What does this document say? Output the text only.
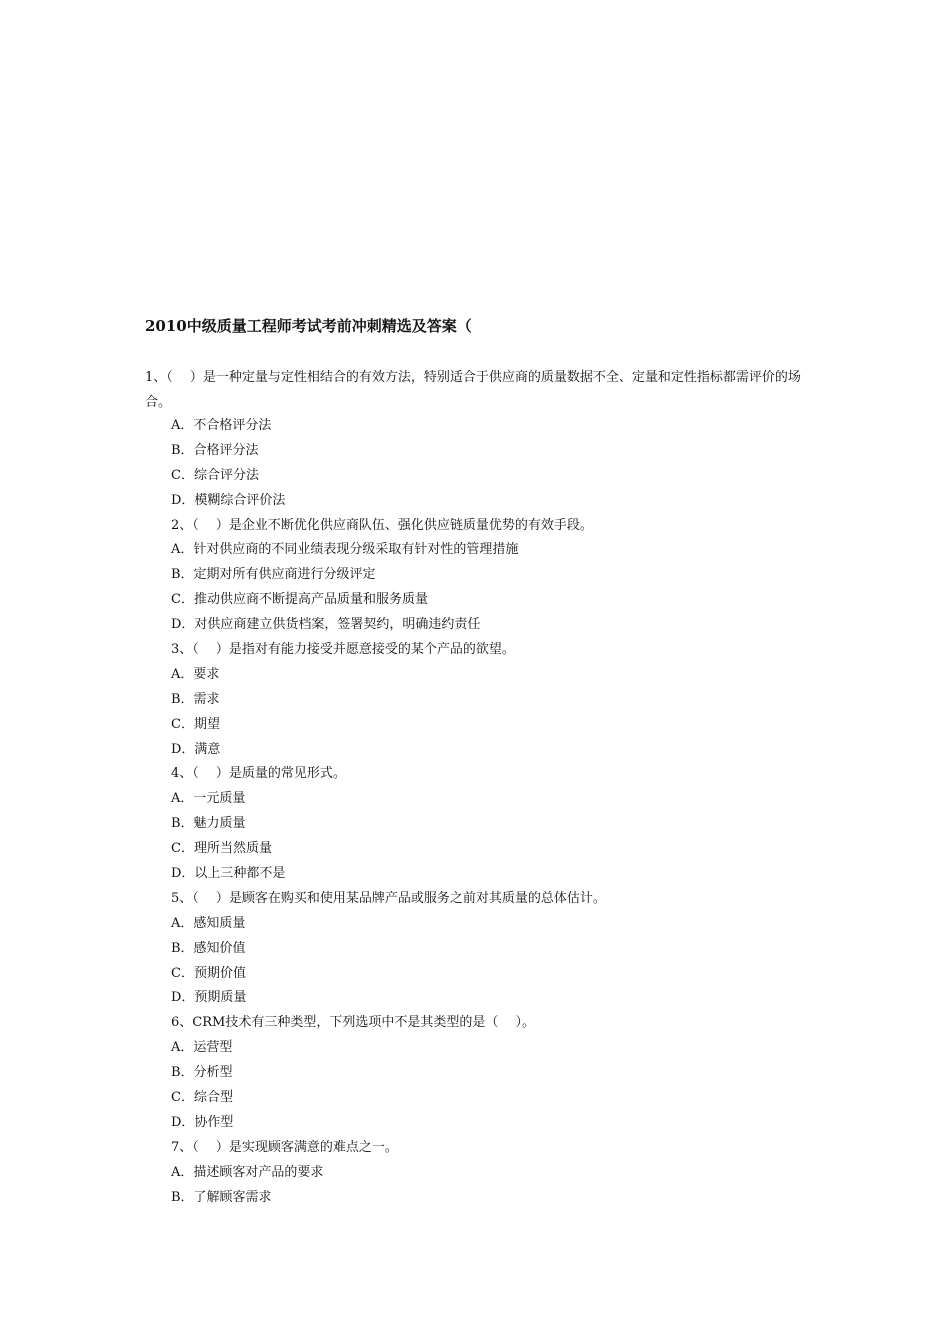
2010中级质量工程师考试考前冲刺精选及答案（
1、（　 ）是一种定量与定性相结合的有效方法，特别适合于供应商的质量数据不全、定量和定性指标都需评价的场合。
A．不合格评分法
B．合格评分法
C．综合评分法
D．模糊综合评价法
2、（　 ）是企业不断优化供应商队伍、强化供应链质量优势的有效手段。
A．针对供应商的不同业绩表现分级采取有针对性的管理措施
B．定期对所有供应商进行分级评定
C．推动供应商不断提高产品质量和服务质量
D．对供应商建立供货档案，签署契约，明确违约责任
3、（　 ）是指对有能力接受并愿意接受的某个产品的欲望。
A．要求
B．需求
C．期望
D．满意
4、（　 ）是质量的常见形式。
A．一元质量
B．魅力质量
C．理所当然质量
D．以上三种都不是
5、（　 ）是顾客在购买和使用某品牌产品或服务之前对其质量的总体估计。
A．感知质量
B．感知价值
C．预期价值
D．预期质量
6、CRM技术有三种类型，下列选项中不是其类型的是（　 ）。
A．运营型
B．分析型
C．综合型
D．协作型
7、（　 ）是实现顾客满意的难点之一。
A．描述顾客对产品的要求
B．了解顾客需求
